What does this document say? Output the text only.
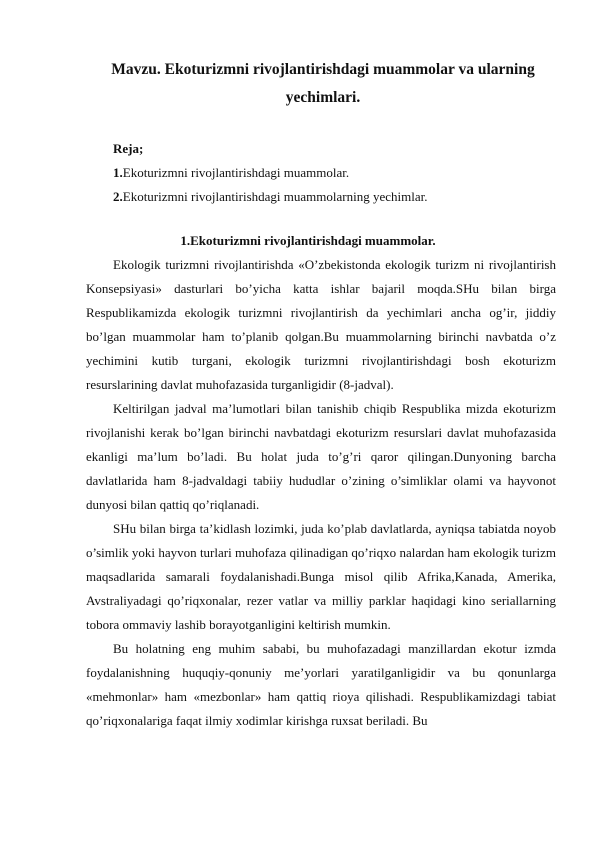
Mavzu. Ekoturizmni rivojlantirishdagi muammolar va ularning yechimlari.
Reja;
1.Ekoturizmni rivojlantirishdagi muammolar.
2.Ekoturizmni rivojlantirishdagi muammolarning yechimlar.
1.Ekoturizmni rivojlantirishdagi muammolar.

Ekologik turizmni rivojlantirishda «O’zbekistonda ekologik turizm ni rivojlantirish Konsepsiyasi» dasturlari bo’yicha katta ishlar bajaril moqda.SHu bilan birga Respublikamizda ekologik turizmni rivojlantirish da yechimlari ancha og’ir, jiddiy bo’lgan muammolar ham to’planib qolgan.Bu muammolarning birinchi navbatda o’z yechimini kutib turgani, ekologik turizmni rivojlantirishdagi bosh ekoturizm resurslarining davlat muhofazasida turganligidir (8-jadval).

Keltirilgan jadval ma’lumotlari bilan tanishib chiqib Respublika mizda ekoturizm rivojlanishi kerak bo’lgan birinchi navbatdagi ekoturizm resurslari davlat muhofazasida ekanligi ma’lum bo’ladi. Bu holat juda to’g’ri qaror qilingan.Dunyoning barcha davlatlarida ham 8-jadvaldagi tabiiy hududlar o’zining o’simliklar olami va hayvonot dunyosi bilan qattiq qo’riqlanadi.

SHu bilan birga ta’kidlash lozimki, juda ko’plab davlatlarda, ayniqsa tabiatda noyob o’simlik yoki hayvon turlari muhofaza qilinadigan qo’riqxo nalardan ham ekologik turizm maqsadlarida samarali foydalanishadi.Bunga misol qilib Afrika,Kanada, Amerika, Avstraliyadagi qo’riqxonalar, rezer vatlar va milliy parklar haqidagi kino seriallarning tobora ommaviy lashib borayotganligini keltirish mumkin.

Bu holatning eng muhim sababi, bu muhofazadagi manzillardan ekotur izmda foydalanishning huquqiy-qonuniy me’yorlari yaratilganligidir va bu qonunlarga «mehmonlar» ham «mezbonlar» ham qattiq rioya qilishadi. Respublikamizdagi tabiat qo’riqxonalariga faqat ilmiy xodimlar kirishga ruxsat beriladi. Bu
